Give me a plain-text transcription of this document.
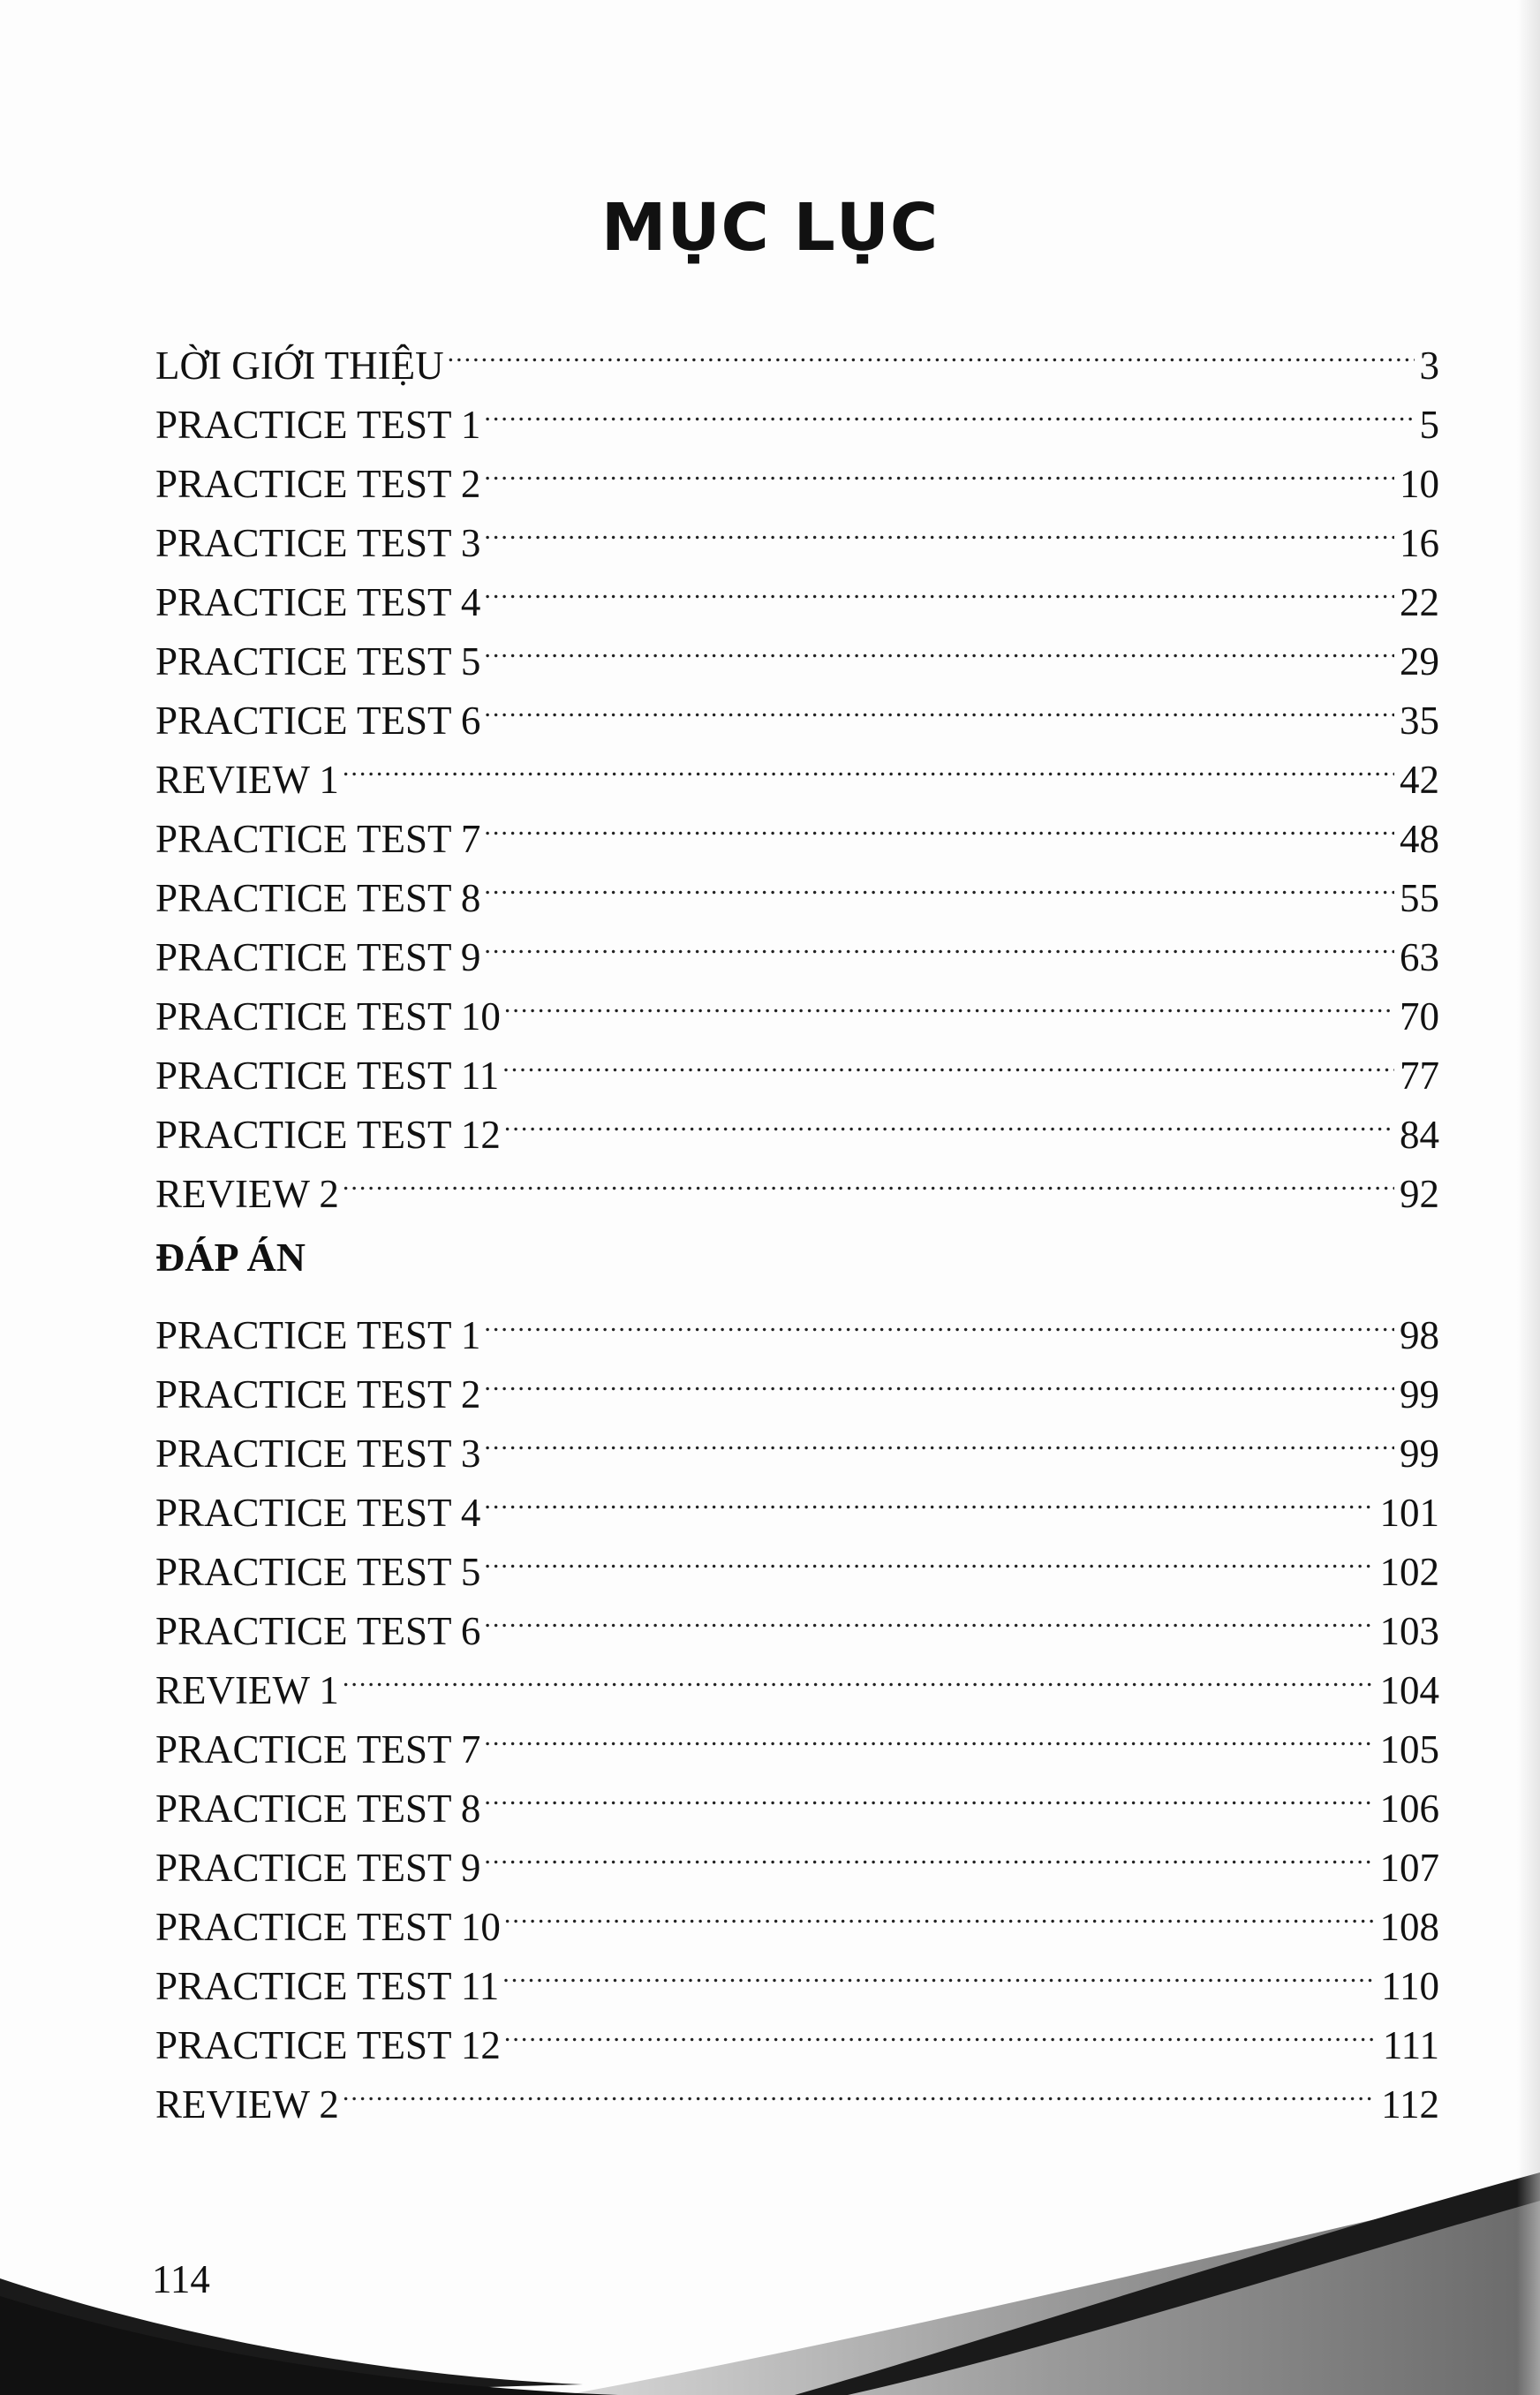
MỤC LỤC
LỜI GIỚI THIỆU .....	3
PRACTICE TEST 1 .....	5
PRACTICE TEST 2 .....	10
PRACTICE TEST 3 .....	16
PRACTICE TEST 4 .....	22
PRACTICE TEST 5 .....	29
PRACTICE TEST 6 .....	35
REVIEW 1 .....	42
PRACTICE TEST 7 .....	48
PRACTICE TEST 8 .....	55
PRACTICE TEST 9 .....	63
PRACTICE TEST 10 .....	70
PRACTICE TEST 11 .....	77
PRACTICE TEST 12 .....	84
REVIEW 2 .....	92
ĐÁP ÁN
PRACTICE TEST 1 .....	98
PRACTICE TEST 2 .....	99
PRACTICE TEST 3 .....	99
PRACTICE TEST 4 .....	101
PRACTICE TEST 5 .....	102
PRACTICE TEST 6 .....	103
REVIEW 1 .....	104
PRACTICE TEST 7 .....	105
PRACTICE TEST 8 .....	106
PRACTICE TEST 9 .....	107
PRACTICE TEST 10 .....	108
PRACTICE TEST 11 .....	110
PRACTICE TEST 12 .....	111
REVIEW 2 .....	112
114
